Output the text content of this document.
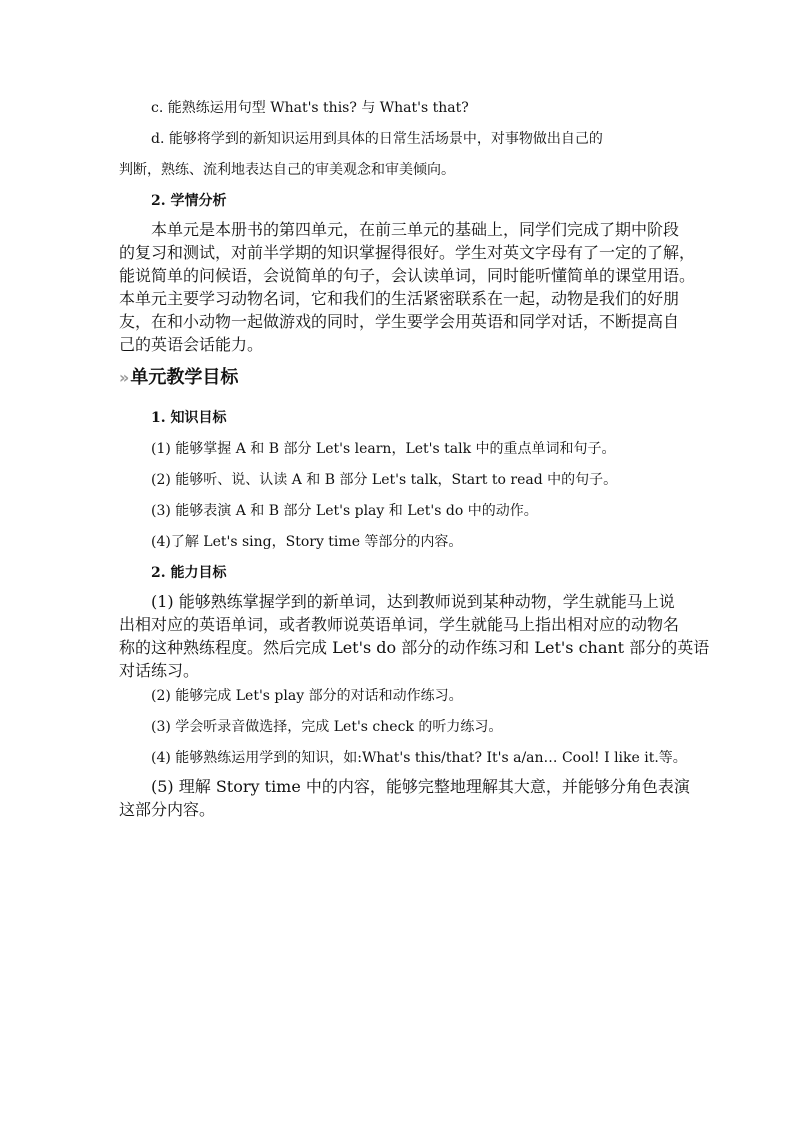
c. 能熟练运用句型 What's this? 与 What's that?

d. 能够将学到的新知识运用到具体的日常生活场景中，对事物做出自己的

判断，熟练、流利地表达自己的审美观念和审美倾向。

2. 学情分析

本单元是本册书的第四单元，在前三单元的基础上，同学们完成了期中阶段
的复习和测试，对前半学期的知识掌握得很好。学生对英文字母有了一定的了解，
能说简单的问候语，会说简单的句子，会认读单词，同时能听懂简单的课堂用语。
本单元主要学习动物名词，它和我们的生活紧密联系在一起，动物是我们的好朋
友，在和小动物一起做游戏的同时，学生要学会用英语和同学对话，不断提高自
己的英语会话能力。
» 单元教学目标

1. 知识目标

(1) 能够掌握 A 和 B 部分 Let's learn，Let's talk 中的重点单词和句子。

(2) 能够听、说、认读 A 和 B 部分 Let's talk，Start to read 中的句子。

(3) 能够表演 A 和 B 部分 Let's play 和 Let's do 中的动作。

(4)了解 Let's sing，Story time 等部分的内容。

2. 能力目标

(1) 能够熟练掌握学到的新单词，达到教师说到某种动物，学生就能马上说
出相对应的英语单词，或者教师说英语单词，学生就能马上指出相对应的动物名
称的这种熟练程度。然后完成 Let's do 部分的动作练习和 Let's chant 部分的英语
对话练习。

(2) 能够完成 Let's play 部分的对话和动作练习。

(3) 学会听录音做选择，完成 Let's check 的听力练习。

(4) 能够熟练运用学到的知识，如:What's this/that? It's a/an… Cool! I like it.等。

(5) 理解 Story time 中的内容，能够完整地理解其大意，并能够分角色表演
这部分内容。
